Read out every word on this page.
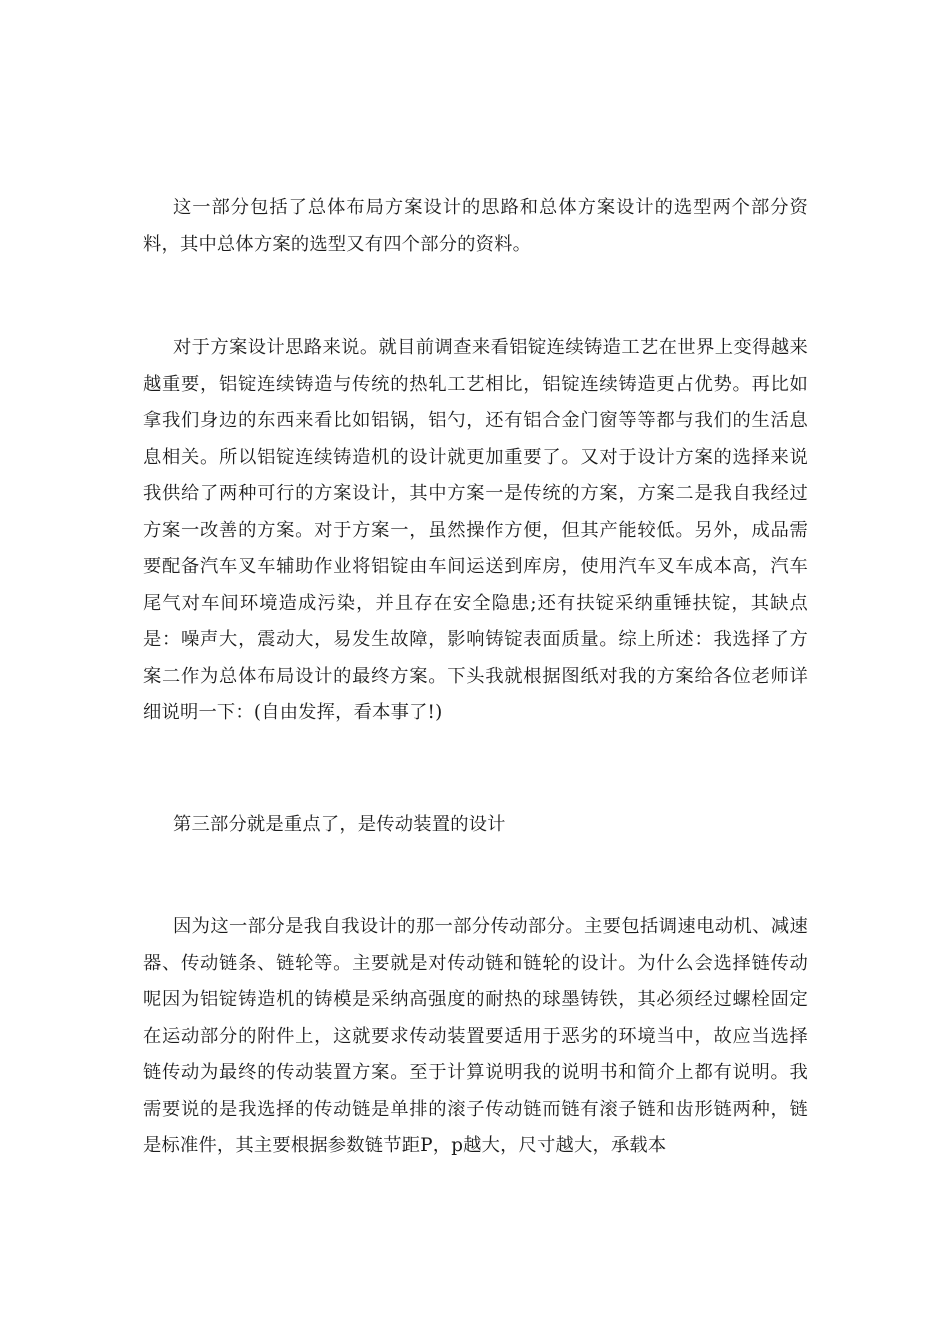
这一部分包括了总体布局方案设计的思路和总体方案设计的选型两个部分资料，其中总体方案的选型又有四个部分的资料。

对于方案设计思路来说。就目前调查来看铝锭连续铸造工艺在世界上变得越来越重要，铝锭连续铸造与传统的热轧工艺相比，铝锭连续铸造更占优势。再比如拿我们身边的东西来看比如铝锅，铝勺，还有铝合金门窗等等都与我们的生活息息相关。所以铝锭连续铸造机的设计就更加重要了。又对于设计方案的选择来说我供给了两种可行的方案设计，其中方案一是传统的方案，方案二是我自我经过方案一改善的方案。对于方案一，虽然操作方便，但其产能较低。另外，成品需要配备汽车叉车辅助作业将铝锭由车间运送到库房，使用汽车叉车成本高，汽车尾气对车间环境造成污染，并且存在安全隐患;还有扶锭采纳重锤扶锭，其缺点是：噪声大，震动大，易发生故障，影响铸锭表面质量。综上所述：我选择了方案二作为总体布局设计的最终方案。下头我就根据图纸对我的方案给各位老师详细说明一下：(自由发挥，看本事了!)

第三部分就是重点了，是传动装置的设计

因为这一部分是我自我设计的那一部分传动部分。主要包括调速电动机、减速器、传动链条、链轮等。主要就是对传动链和链轮的设计。为什么会选择链传动呢因为铝锭铸造机的铸模是采纳高强度的耐热的球墨铸铁，其必须经过螺栓固定在运动部分的附件上，这就要求传动装置要适用于恶劣的环境当中，故应当选择链传动为最终的传动装置方案。至于计算说明我的说明书和简介上都有说明。我需要说的是我选择的传动链是单排的滚子传动链而链有滚子链和齿形链两种，链是标准件，其主要根据参数链节距P，p越大，尺寸越大，承载本
